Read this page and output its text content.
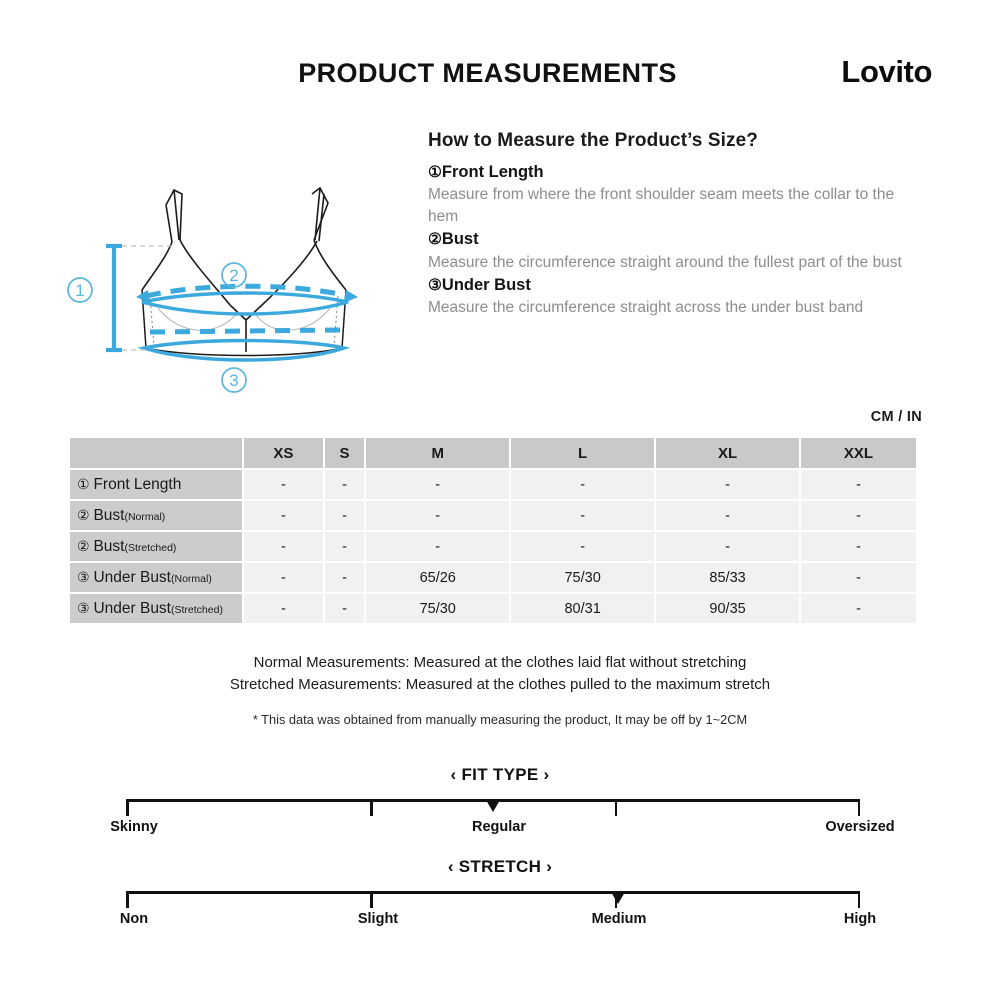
PRODUCT MEASUREMENTS	Lovito
1
2
3
How to Measure the Product’s Size?
①Front Length
Measure from where the front shoulder seam meets the collar to the hem
②Bust
Measure the circumference straight around the fullest part of the bust
③Under Bust
Measure the circumference straight across the under bust band
CM / IN
	XS	S	M	L	XL	XXL
① Front Length	-	-	-	-	-	-
② Bust(Normal)	-	-	-	-	-	-
② Bust(Stretched)	-	-	-	-	-	-
③ Under Bust(Normal)	-	-	65/26	75/30	85/33	-
③ Under Bust(Stretched)	-	-	75/30	80/31	90/35	-
Normal Measurements: Measured at the clothes laid flat without stretching
Stretched Measurements: Measured at the clothes pulled to the maximum stretch
* This data was obtained from manually measuring the product, It may be off by 1~2CM
‹ FIT TYPE ›
Skinny	Regular	Oversized
‹ STRETCH ›
Non	Slight	Medium	High
